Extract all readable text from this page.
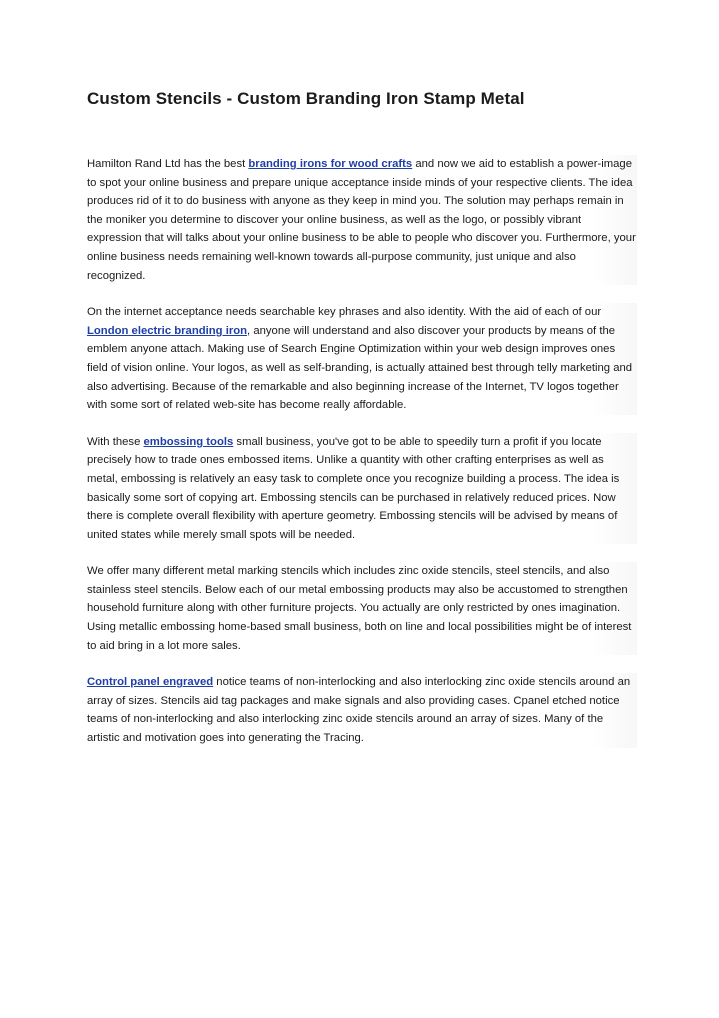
Custom Stencils - Custom Branding Iron Stamp Metal

Hamilton Rand Ltd has the best branding irons for wood crafts and now we aid to establish a power-image to spot your online business and prepare unique acceptance inside minds of your respective clients. The idea produces rid of it to do business with anyone as they keep in mind you. The solution may perhaps remain in the moniker you determine to discover your online business, as well as the logo, or possibly vibrant expression that will talks about your online business to be able to people who discover you. Furthermore, your online business needs remaining well-known towards all-purpose community, just unique and also recognized.

On the internet acceptance needs searchable key phrases and also identity. With the aid of each of our London electric branding iron, anyone will understand and also discover your products by means of the emblem anyone attach. Making use of Search Engine Optimization within your web design improves ones field of vision online. Your logos, as well as self-branding, is actually attained best through telly marketing and also advertising. Because of the remarkable and also beginning increase of the Internet, TV logos together with some sort of related web-site has become really affordable.

With these embossing tools small business, you've got to be able to speedily turn a profit if you locate precisely how to trade ones embossed items. Unlike a quantity with other crafting enterprises as well as metal, embossing is relatively an easy task to complete once you recognize building a process. The idea is basically some sort of copying art. Embossing stencils can be purchased in relatively reduced prices. Now there is complete overall flexibility with aperture geometry. Embossing stencils will be advised by means of united states while merely small spots will be needed.

We offer many different metal marking stencils which includes zinc oxide stencils, steel stencils, and also stainless steel stencils. Below each of our metal embossing products may also be accustomed to strengthen household furniture along with other furniture projects. You actually are only restricted by ones imagination. Using metallic embossing home-based small business, both on line and local possibilities might be of interest to aid bring in a lot more sales.

Control panel engraved notice teams of non-interlocking and also interlocking zinc oxide stencils around an array of sizes. Stencils aid tag packages and make signals and also providing cases. Cpanel etched notice teams of non-interlocking and also interlocking zinc oxide stencils around an array of sizes. Many of the artistic and motivation goes into generating the Tracing.
